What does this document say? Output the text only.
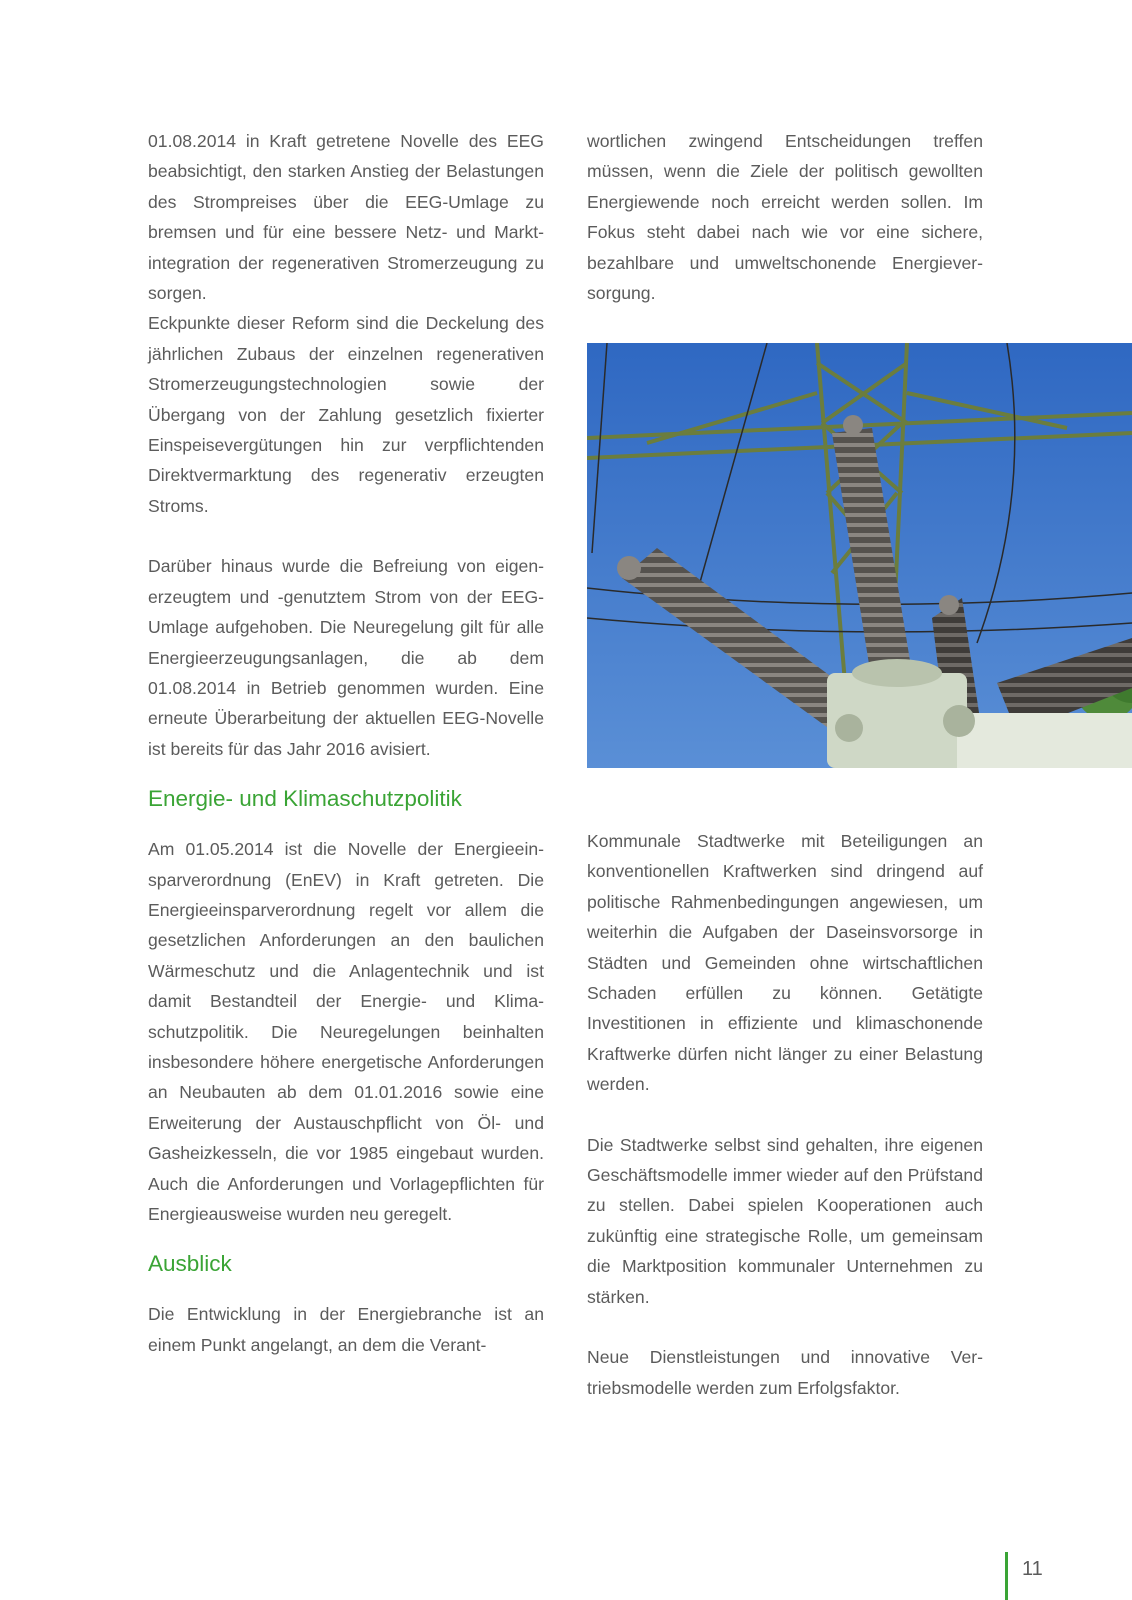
01.08.2014 in Kraft getretene Novelle des EEG beabsichtigt, den starken Anstieg der Belastungen des Strompreises über die EEG-Umlage zu bremsen und für eine bessere Netz- und Marktintegration der regenerativen Stromerzeugung zu sorgen.

Eckpunkte dieser Reform sind die Deckelung des jährlichen Zubaus der einzelnen regenerativen Stromerzeugungstechnologien sowie der Übergang von der Zahlung gesetzlich fixierter Einspeisevergütungen hin zur verpflichtenden Direktvermarktung des regenerativ erzeugten Stroms.

Darüber hinaus wurde die Befreiung von eigenerzeugtem und -genutztem Strom von der EEG-Umlage aufgehoben. Die Neuregelung gilt für alle Energieerzeugungsanlagen, die ab dem 01.08.2014 in Betrieb genommen wurden. Eine erneute Überarbeitung der aktuellen EEG-Novelle ist bereits für das Jahr 2016 avisiert.

Energie- und Klimaschutzpolitik

Am 01.05.2014 ist die Novelle der Energieeinsparverordnung (EnEV) in Kraft getreten. Die Energieeinsparverordnung regelt vor allem die gesetzlichen Anforderungen an den baulichen Wärmeschutz und die Anlagentechnik und ist damit Bestandteil der Energie- und Klimaschutzpolitik. Die Neuregelungen beinhalten insbesondere höhere energetische Anforderungen an Neubauten ab dem 01.01.2016 sowie eine Erweiterung der Austauschpflicht von Öl- und Gasheizkesseln, die vor 1985 eingebaut wurden. Auch die Anforderungen und Vorlagepflichten für Energieausweise wurden neu geregelt.

Ausblick

Die Entwicklung in der Energiebranche ist an einem Punkt angelangt, an dem die Verant-

wortlichen zwingend Entscheidungen treffen müssen, wenn die Ziele der politisch gewollten Energiewende noch erreicht werden sollen. Im Fokus steht dabei nach wie vor eine sichere, bezahlbare und umweltschonende Energieversorgung.

Kommunale Stadtwerke mit Beteiligungen an konventionellen Kraftwerken sind dringend auf politische Rahmenbedingungen angewiesen, um weiterhin die Aufgaben der Daseinsvorsorge in Städten und Gemeinden ohne wirtschaftlichen Schaden erfüllen zu können. Getätigte Investitionen in effiziente und klimaschonende Kraftwerke dürfen nicht länger zu einer Belastung werden.

Die Stadtwerke selbst sind gehalten, ihre eigenen Geschäftsmodelle immer wieder auf den Prüfstand zu stellen. Dabei spielen Kooperationen auch zukünftig eine strategische Rolle, um gemeinsam die Marktposition kommunaler Unternehmen zu stärken.

Neue Dienstleistungen und innovative Vertriebsmodelle werden zum Erfolgsfaktor.

11
